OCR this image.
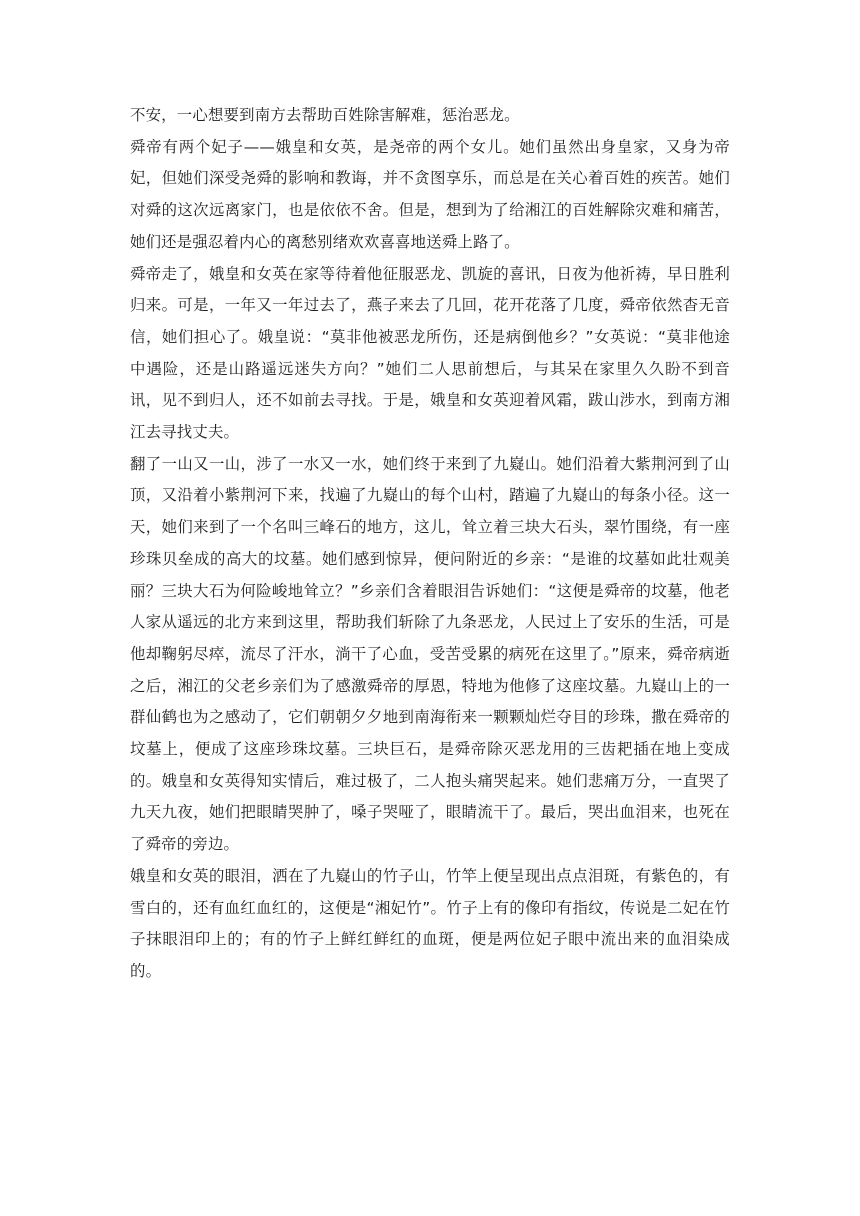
不安，一心想要到南方去帮助百姓除害解难，惩治恶龙。

舜帝有两个妃子——娥皇和女英，是尧帝的两个女儿。她们虽然出身皇家，又身为帝妃，但她们深受尧舜的影响和教诲，并不贪图享乐，而总是在关心着百姓的疾苦。她们对舜的这次远离家门，也是依依不舍。但是，想到为了给湘江的百姓解除灾难和痛苦，她们还是强忍着内心的离愁别绪欢欢喜喜地送舜上路了。

舜帝走了，娥皇和女英在家等待着他征服恶龙、凯旋的喜讯，日夜为他祈祷，早日胜利归来。可是，一年又一年过去了，燕子来去了几回，花开花落了几度，舜帝依然杳无音信，她们担心了。娥皇说：“莫非他被恶龙所伤，还是病倒他乡？”女英说：“莫非他途中遇险，还是山路遥远迷失方向？”她们二人思前想后，与其呆在家里久久盼不到音讯，见不到归人，还不如前去寻找。于是，娥皇和女英迎着风霜，跋山涉水，到南方湘江去寻找丈夫。

翻了一山又一山，涉了一水又一水，她们终于来到了九嶷山。她们沿着大紫荆河到了山顶，又沿着小紫荆河下来，找遍了九嶷山的每个山村，踏遍了九嶷山的每条小径。这一天，她们来到了一个名叫三峰石的地方，这儿，耸立着三块大石头，翠竹围绕，有一座珍珠贝垒成的高大的坟墓。她们感到惊异，便问附近的乡亲：“是谁的坟墓如此壮观美丽？三块大石为何险峻地耸立？”乡亲们含着眼泪告诉她们：“这便是舜帝的坟墓，他老人家从遥远的北方来到这里，帮助我们斩除了九条恶龙，人民过上了安乐的生活，可是他却鞠躬尽瘁，流尽了汗水，淌干了心血，受苦受累的病死在这里了。”原来，舜帝病逝之后，湘江的父老乡亲们为了感激舜帝的厚恩，特地为他修了这座坟墓。九嶷山上的一群仙鹤也为之感动了，它们朝朝夕夕地到南海衔来一颗颗灿烂夺目的珍珠，撒在舜帝的坟墓上，便成了这座珍珠坟墓。三块巨石，是舜帝除灭恶龙用的三齿耙插在地上变成的。娥皇和女英得知实情后，难过极了，二人抱头痛哭起来。她们悲痛万分，一直哭了九天九夜，她们把眼睛哭肿了，嗓子哭哑了，眼睛流干了。最后，哭出血泪来，也死在了舜帝的旁边。

娥皇和女英的眼泪，洒在了九嶷山的竹子山，竹竿上便呈现出点点泪斑，有紫色的，有雪白的，还有血红血红的，这便是“湘妃竹”。竹子上有的像印有指纹，传说是二妃在竹子抹眼泪印上的；有的竹子上鲜红鲜红的血斑，便是两位妃子眼中流出来的血泪染成的。
